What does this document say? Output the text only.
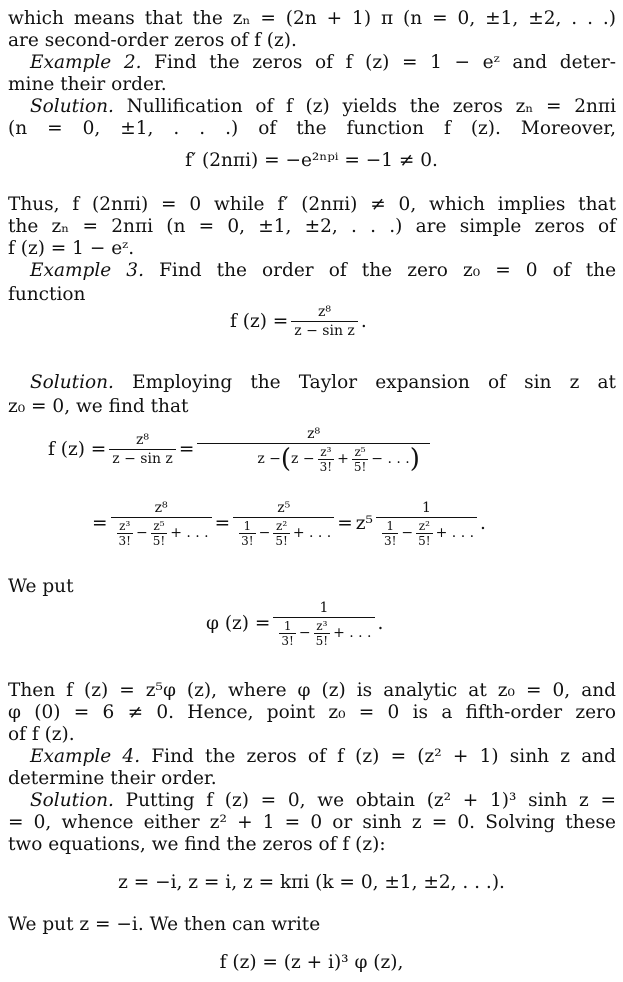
which means that the zₙ = (2n + 1) π (n = 0, ±1, ±2, . . .)
are second-order zeros of f (z).
Example 2. Find the zeros of f (z) = 1 − eᶻ and deter-
mine their order.
Solution. Nullification of f (z) yields the zeros zₙ = 2nπi
(n = 0, ±1, . . .) of the function f (z). Moreover,
f′ (2nπi) = −e²ⁿᵖⁱ = −1 ≠ 0.
Thus, f (2nπi) = 0 while f′ (2nπi) ≠ 0, which implies that
the zₙ = 2nπi (n = 0, ±1, ±2, . . .) are simple zeros of
f (z) = 1 − eᶻ.
Example 3. Find the order of the zero z₀ = 0 of the
function
f $(z) = \frac{\text{z⁸}}{\text{z − sin z}}$ .
Solution. Employing the Taylor expansion of sin z at
z₀ = 0, we find that
f $(z) = \frac{\text{z⁸}}{\text{z − sin z}}$ =
z⁸
z − ( $z - \frac{\text{z³}}{3!} + \frac{\text{z⁵}}{5!}$ − . . . )
= $\frac{\text{z⁸}}{\frac{\text{z³}}{3!} - \frac{\text{z⁵}}{5!} + . . .} = \frac{\text{z⁵}}{\frac{1}{3!} - \frac{\text{z²}}{5!} + . . .} = z^5 \frac{1}{\frac{1}{3!} - \frac{\text{z²}}{5!} + . . .}$ .
We put
φ $(z) = \frac{1}{\frac{1}{3!} - \frac{\text{z³}}{5!} + . . .}$ .
Then f (z) = z⁵φ (z), where φ (z) is analytic at z₀ = 0, and
φ (0) = 6 ≠ 0. Hence, point z₀ = 0 is a fifth-order zero
of f (z).
Example 4. Find the zeros of f (z) = (z² + 1) sinh z and
determine their order.
Solution. Putting f (z) = 0, we obtain (z² + 1)³ sinh z =
= 0, whence either z² + 1 = 0 or sinh z = 0. Solving these
two equations, we find the zeros of f (z):
z = −i, z = i, z = kπi (k = 0, ±1, ±2, . . .).
We put z = −i. We then can write
f (z) = (z + i)³ φ (z),
